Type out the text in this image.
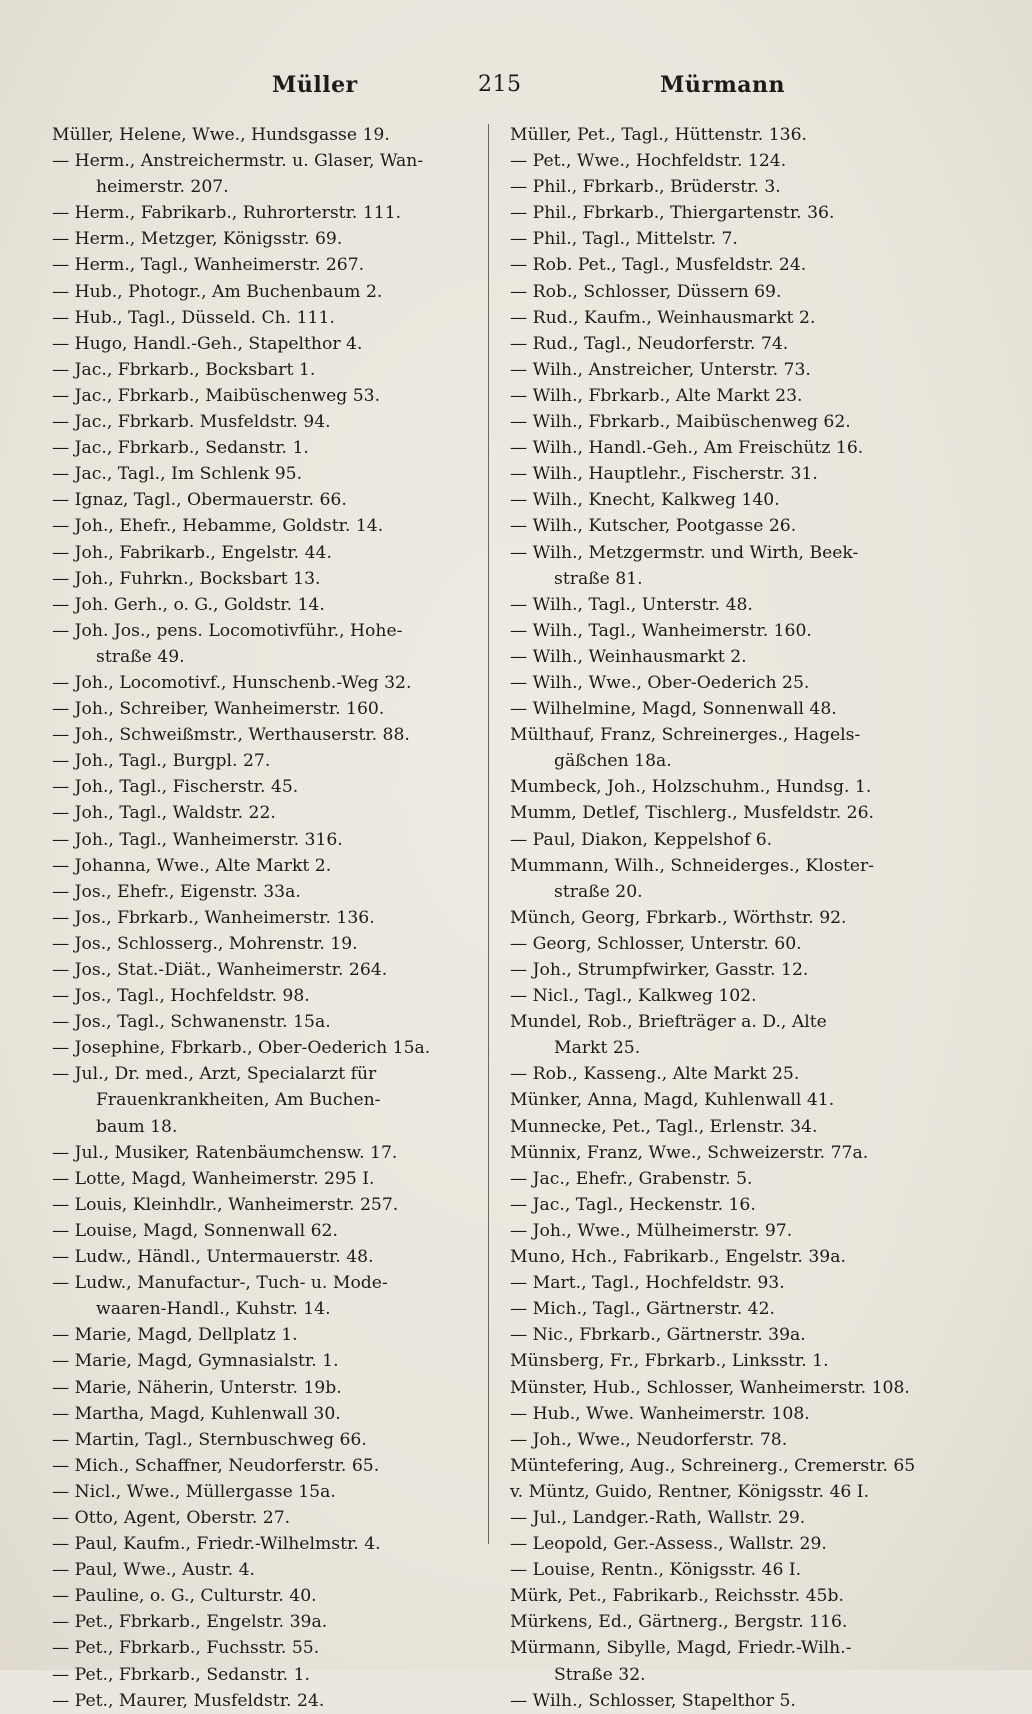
Müller	215	Mürmann
Müller, Helene, Wwe., Hundsgasse 19.
— Herm., Anstreichermstr. u. Glaser, Wan-
heimerstr. 207.
— Herm., Fabrikarb., Ruhrorterstr. 111.
— Herm., Metzger, Königsstr. 69.
— Herm., Tagl., Wanheimerstr. 267.
— Hub., Photogr., Am Buchenbaum 2.
— Hub., Tagl., Düsseld. Ch. 111.
— Hugo, Handl.-Geh., Stapelthor 4.
— Jac., Fbrkarb., Bocksbart 1.
— Jac., Fbrkarb., Maibüschenweg 53.
— Jac., Fbrkarb. Musfeldstr. 94.
— Jac., Fbrkarb., Sedanstr. 1.
— Jac., Tagl., Im Schlenk 95.
— Ignaz, Tagl., Obermauerstr. 66.
— Joh., Ehefr., Hebamme, Goldstr. 14.
— Joh., Fabrikarb., Engelstr. 44.
— Joh., Fuhrkn., Bocksbart 13.
— Joh. Gerh., o. G., Goldstr. 14.
— Joh. Jos., pens. Locomotivführ., Hohe-
straße 49.
— Joh., Locomotivf., Hunschenb.-Weg 32.
— Joh., Schreiber, Wanheimerstr. 160.
— Joh., Schweißmstr., Werthauserstr. 88.
— Joh., Tagl., Burgpl. 27.
— Joh., Tagl., Fischerstr. 45.
— Joh., Tagl., Waldstr. 22.
— Joh., Tagl., Wanheimerstr. 316.
— Johanna, Wwe., Alte Markt 2.
— Jos., Ehefr., Eigenstr. 33a.
— Jos., Fbrkarb., Wanheimerstr. 136.
— Jos., Schlosserg., Mohrenstr. 19.
— Jos., Stat.-Diät., Wanheimerstr. 264.
— Jos., Tagl., Hochfeldstr. 98.
— Jos., Tagl., Schwanenstr. 15a.
— Josephine, Fbrkarb., Ober-Oederich 15a.
— Jul., Dr. med., Arzt, Specialarzt für
Frauenkrankheiten, Am Buchen-
baum 18.
— Jul., Musiker, Ratenbäumchensw. 17.
— Lotte, Magd, Wanheimerstr. 295 I.
— Louis, Kleinhdlr., Wanheimerstr. 257.
— Louise, Magd, Sonnenwall 62.
— Ludw., Händl., Untermauerstr. 48.
— Ludw., Manufactur-, Tuch- u. Mode-
waaren-Handl., Kuhstr. 14.
— Marie, Magd, Dellplatz 1.
— Marie, Magd, Gymnasialstr. 1.
— Marie, Näherin, Unterstr. 19b.
— Martha, Magd, Kuhlenwall 30.
— Martin, Tagl., Sternbuschweg 66.
— Mich., Schaffner, Neudorferstr. 65.
— Nicl., Wwe., Müllergasse 15a.
— Otto, Agent, Oberstr. 27.
— Paul, Kaufm., Friedr.-Wilhelmstr. 4.
— Paul, Wwe., Austr. 4.
— Pauline, o. G., Culturstr. 40.
— Pet., Fbrkarb., Engelstr. 39a.
— Pet., Fbrkarb., Fuchsstr. 55.
— Pet., Fbrkarb., Sedanstr. 1.
— Pet., Maurer, Musfeldstr. 24.
Müller, Pet., Tagl., Hüttenstr. 136.
— Pet., Wwe., Hochfeldstr. 124.
— Phil., Fbrkarb., Brüderstr. 3.
— Phil., Fbrkarb., Thiergartenstr. 36.
— Phil., Tagl., Mittelstr. 7.
— Rob. Pet., Tagl., Musfeldstr. 24.
— Rob., Schlosser, Düssern 69.
— Rud., Kaufm., Weinhausmarkt 2.
— Rud., Tagl., Neudorferstr. 74.
— Wilh., Anstreicher, Unterstr. 73.
— Wilh., Fbrkarb., Alte Markt 23.
— Wilh., Fbrkarb., Maibüschenweg 62.
— Wilh., Handl.-Geh., Am Freischütz 16.
— Wilh., Hauptlehr., Fischerstr. 31.
— Wilh., Knecht, Kalkweg 140.
— Wilh., Kutscher, Pootgasse 26.
— Wilh., Metzgermstr. und Wirth, Beek-
straße 81.
— Wilh., Tagl., Unterstr. 48.
— Wilh., Tagl., Wanheimerstr. 160.
— Wilh., Weinhausmarkt 2.
— Wilh., Wwe., Ober-Oederich 25.
— Wilhelmine, Magd, Sonnenwall 48.
Mülthauf, Franz, Schreinerges., Hagels-
gäßchen 18a.
Mumbeck, Joh., Holzschuhm., Hundsg. 1.
Mumm, Detlef, Tischlerg., Musfeldstr. 26.
— Paul, Diakon, Keppelshof 6.
Mummann, Wilh., Schneiderges., Kloster-
straße 20.
Münch, Georg, Fbrkarb., Wörthstr. 92.
— Georg, Schlosser, Unterstr. 60.
— Joh., Strumpfwirker, Gasstr. 12.
— Nicl., Tagl., Kalkweg 102.
Mundel, Rob., Briefträger a. D., Alte
Markt 25.
— Rob., Kasseng., Alte Markt 25.
Münker, Anna, Magd, Kuhlenwall 41.
Munnecke, Pet., Tagl., Erlenstr. 34.
Münnix, Franz, Wwe., Schweizerstr. 77a.
— Jac., Ehefr., Grabenstr. 5.
— Jac., Tagl., Heckenstr. 16.
— Joh., Wwe., Mülheimerstr. 97.
Muno, Hch., Fabrikarb., Engelstr. 39a.
— Mart., Tagl., Hochfeldstr. 93.
— Mich., Tagl., Gärtnerstr. 42.
— Nic., Fbrkarb., Gärtnerstr. 39a.
Münsberg, Fr., Fbrkarb., Linksstr. 1.
Münster, Hub., Schlosser, Wanheimerstr. 108.
— Hub., Wwe. Wanheimerstr. 108.
— Joh., Wwe., Neudorferstr. 78.
Müntefering, Aug., Schreinerg., Cremerstr. 65
v. Müntz, Guido, Rentner, Königsstr. 46 I.
— Jul., Landger.-Rath, Wallstr. 29.
— Leopold, Ger.-Assess., Wallstr. 29.
— Louise, Rentn., Königsstr. 46 I.
Mürk, Pet., Fabrikarb., Reichsstr. 45b.
Mürkens, Ed., Gärtnerg., Bergstr. 116.
Mürmann, Sibylle, Magd, Friedr.-Wilh.-
Straße 32.
— Wilh., Schlosser, Stapelthor 5.
